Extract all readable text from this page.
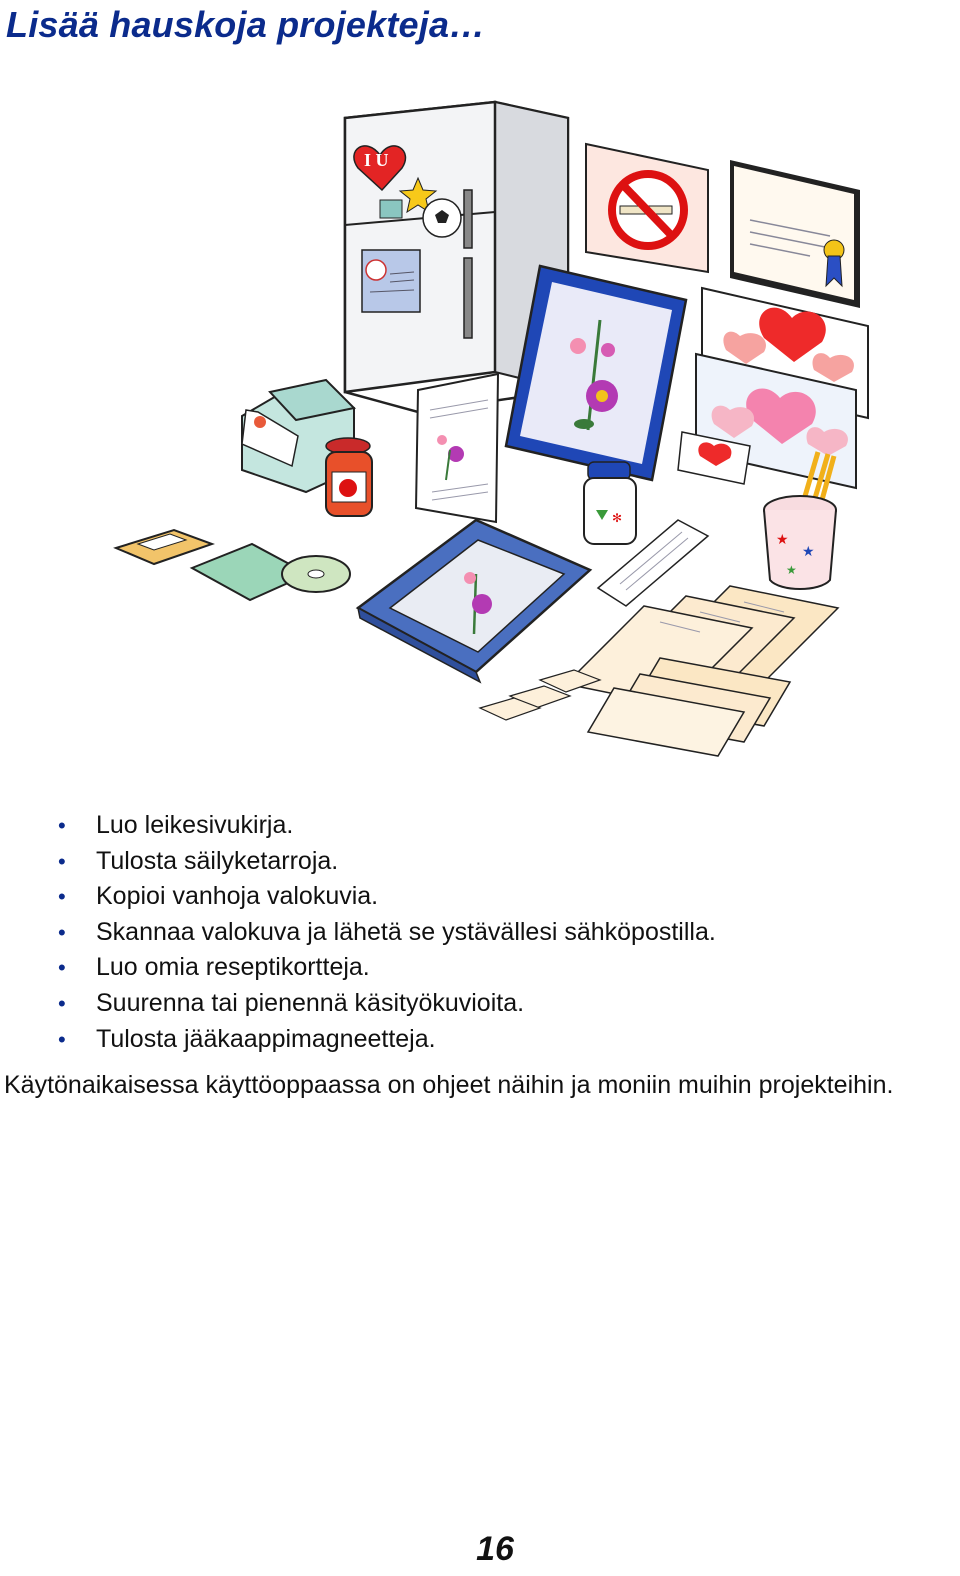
Lisää hauskoja projekteja…
I U
✻
★
★
★
• Luo leikesivukirja.
• Tulosta säilyketarroja.
• Kopioi vanhoja valokuvia.
• Skannaa valokuva ja lähetä se ystävällesi sähköpostilla.
• Luo omia reseptikortteja.
• Suurenna tai pienennä käsityökuvioita.
• Tulosta jääkaappimagneetteja.

Käytönaikaisessa käyttöoppaassa on ohjeet näihin ja moniin muihin projekteihin.

16
